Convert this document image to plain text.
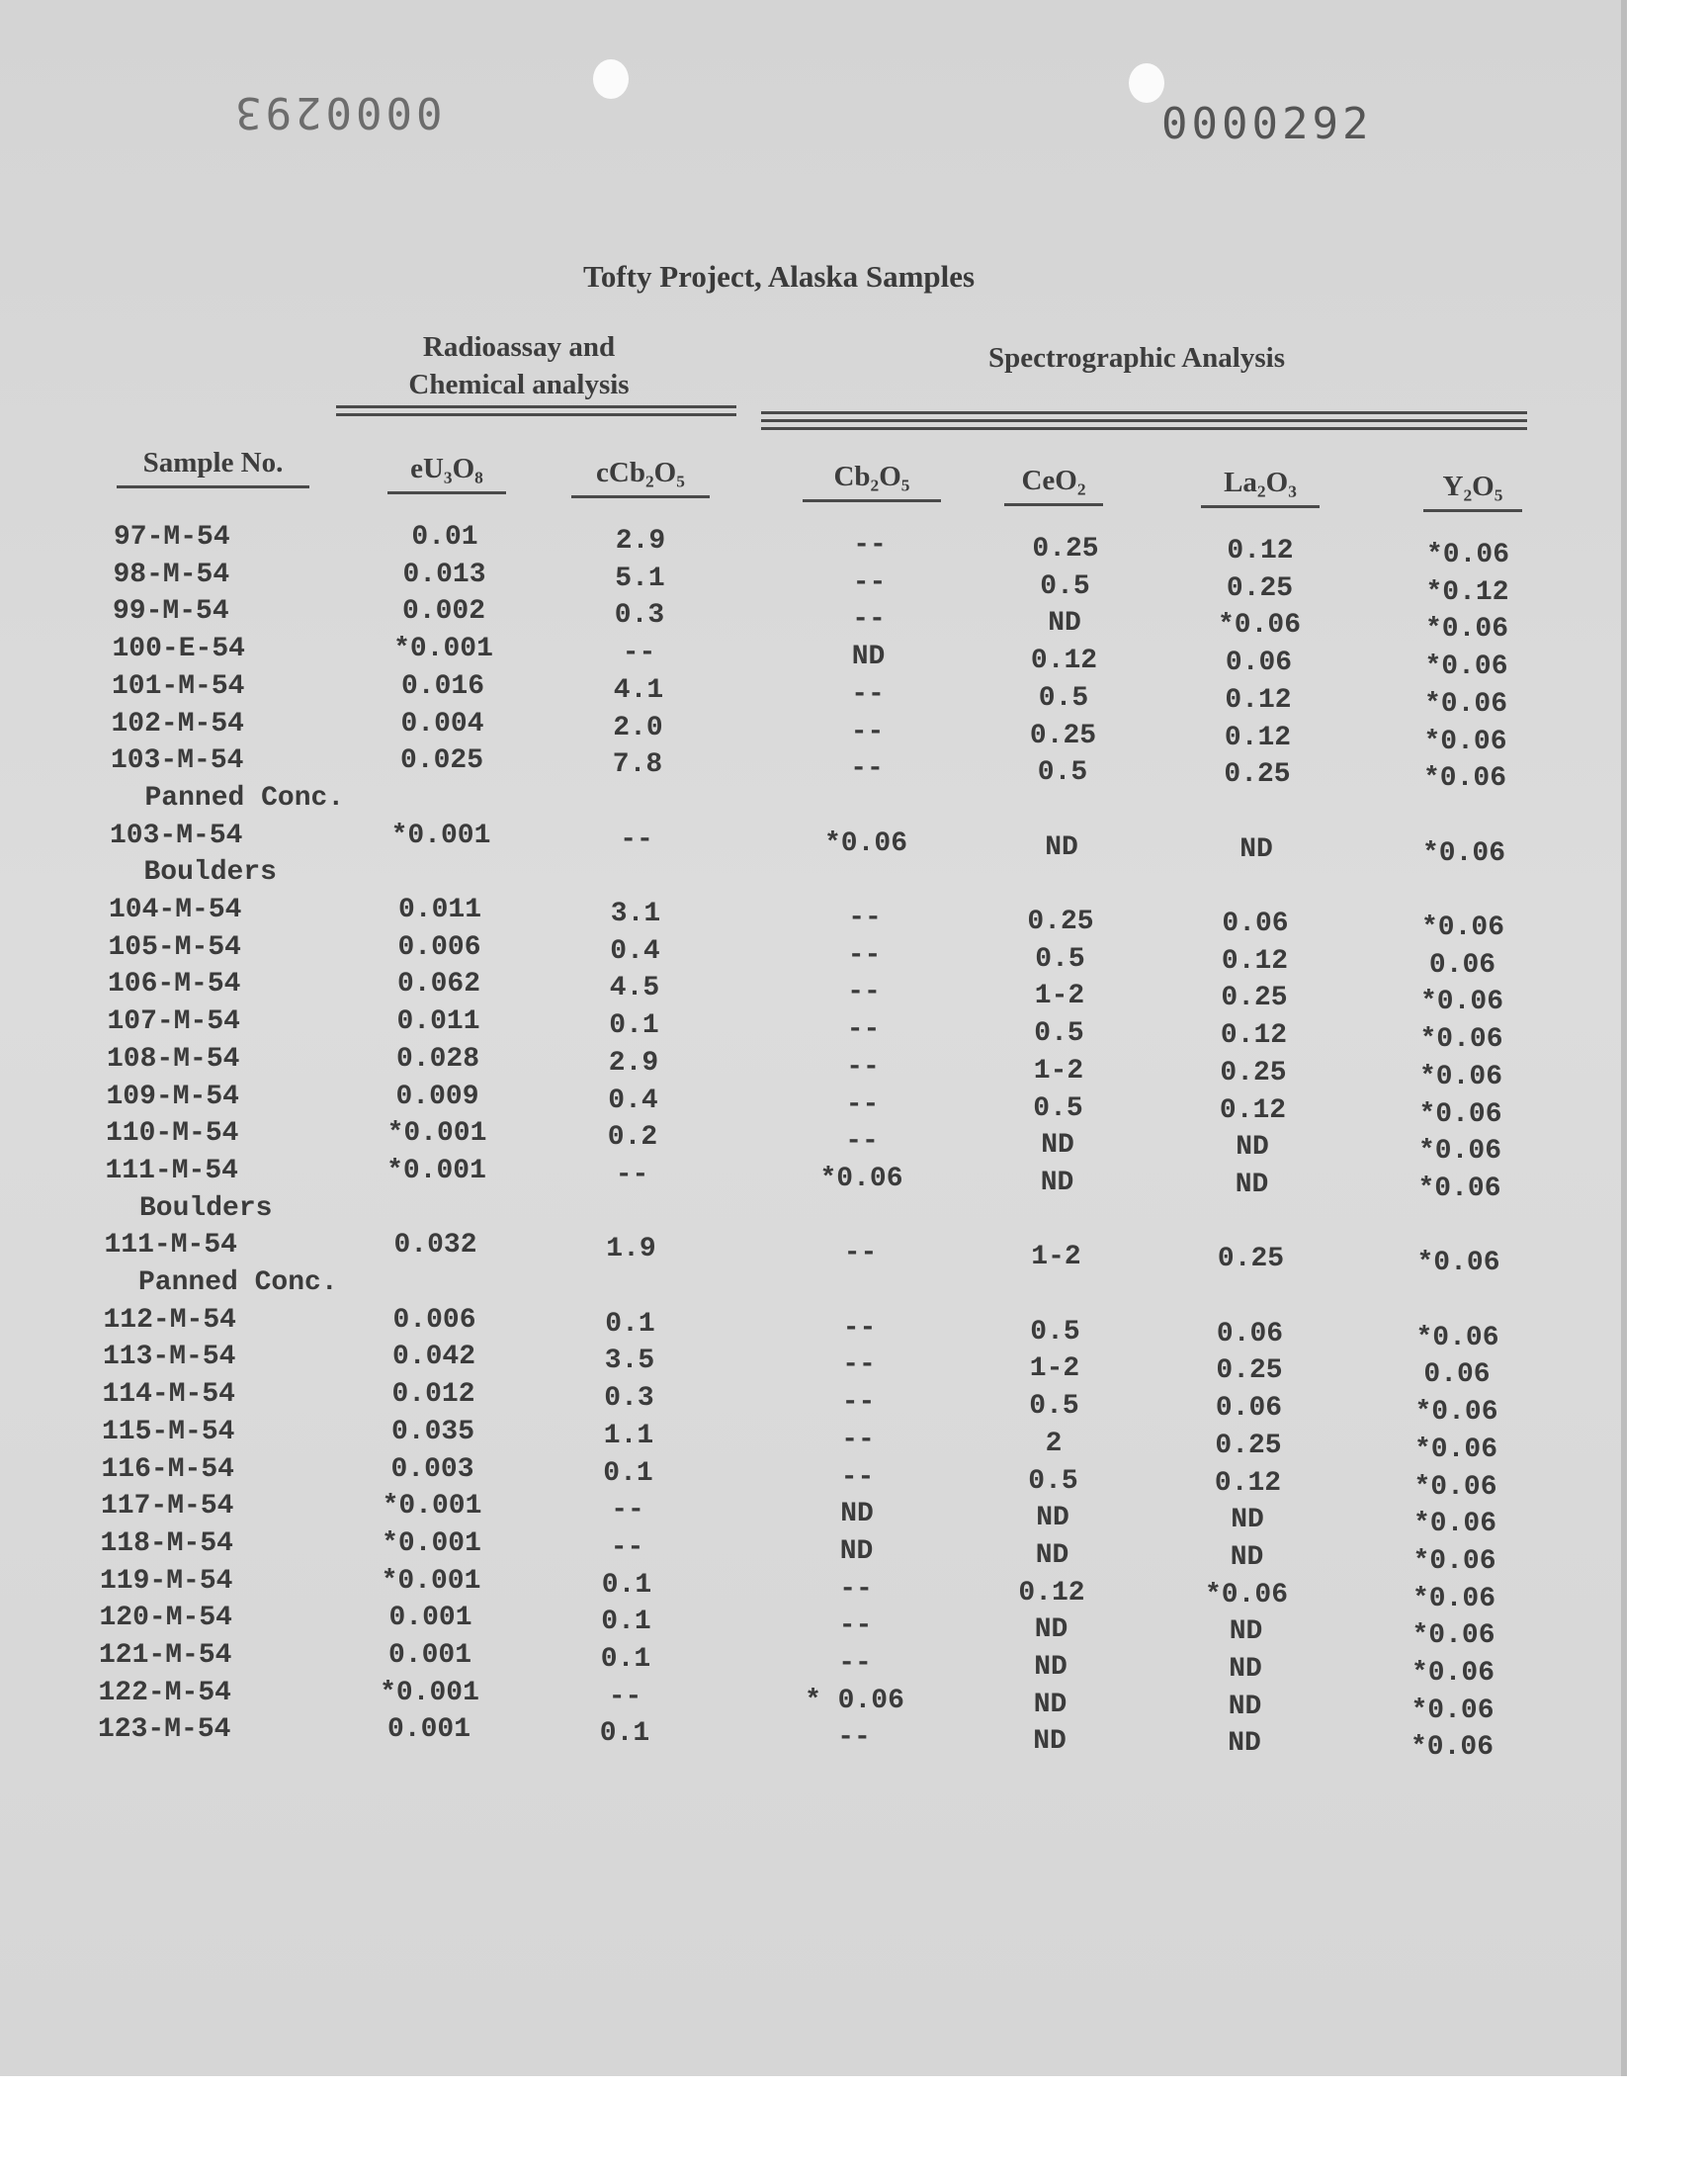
0000293	0000292
Tofty Project, Alaska Samples
Radioassay and
Chemical analysis
Spectrographic Analysis
Sample No.	eU₃O₈	cCb₂O₅	Cb₂O₅	CeO₂	La₂O₃	Y₂O₅
97-M-54	0.01	2.9	--	0.25	0.12	*0.06
98-M-54	0.013	5.1	--	0.5	0.25	*0.12
99-M-54	0.002	0.3	--	ND	*0.06	*0.06
100-E-54	*0.001	--	ND	0.12	0.06	*0.06
101-M-54	0.016	4.1	--	0.5	0.12	*0.06
102-M-54	0.004	2.0	--	0.25	0.12	*0.06
103-M-54	0.025	7.8	--	0.5	0.25	*0.06
Panned Conc.
103-M-54	*0.001	--	*0.06	ND	ND	*0.06
Boulders
104-M-54	0.011	3.1	--	0.25	0.06	*0.06
105-M-54	0.006	0.4	--	0.5	0.12	0.06
106-M-54	0.062	4.5	--	1-2	0.25	*0.06
107-M-54	0.011	0.1	--	0.5	0.12	*0.06
108-M-54	0.028	2.9	--	1-2	0.25	*0.06
109-M-54	0.009	0.4	--	0.5	0.12	*0.06
110-M-54	*0.001	0.2	--	ND	ND	*0.06
111-M-54	*0.001	--	*0.06	ND	ND	*0.06
Boulders
111-M-54	0.032	1.9	--	1-2	0.25	*0.06
Panned Conc.
112-M-54	0.006	0.1	--	0.5	0.06	*0.06
113-M-54	0.042	3.5	--	1-2	0.25	0.06
114-M-54	0.012	0.3	--	0.5	0.06	*0.06
115-M-54	0.035	1.1	--	2	0.25	*0.06
116-M-54	0.003	0.1	--	0.5	0.12	*0.06
117-M-54	*0.001	--	ND	ND	ND	*0.06
118-M-54	*0.001	--	ND	ND	ND	*0.06
119-M-54	*0.001	0.1	--	0.12	*0.06	*0.06
120-M-54	0.001	0.1	--	ND	ND	*0.06
121-M-54	0.001	0.1	--	ND	ND	*0.06
122-M-54	*0.001	--	* 0.06	ND	ND	*0.06
123-M-54	0.001	0.1	--	ND	ND	*0.06
